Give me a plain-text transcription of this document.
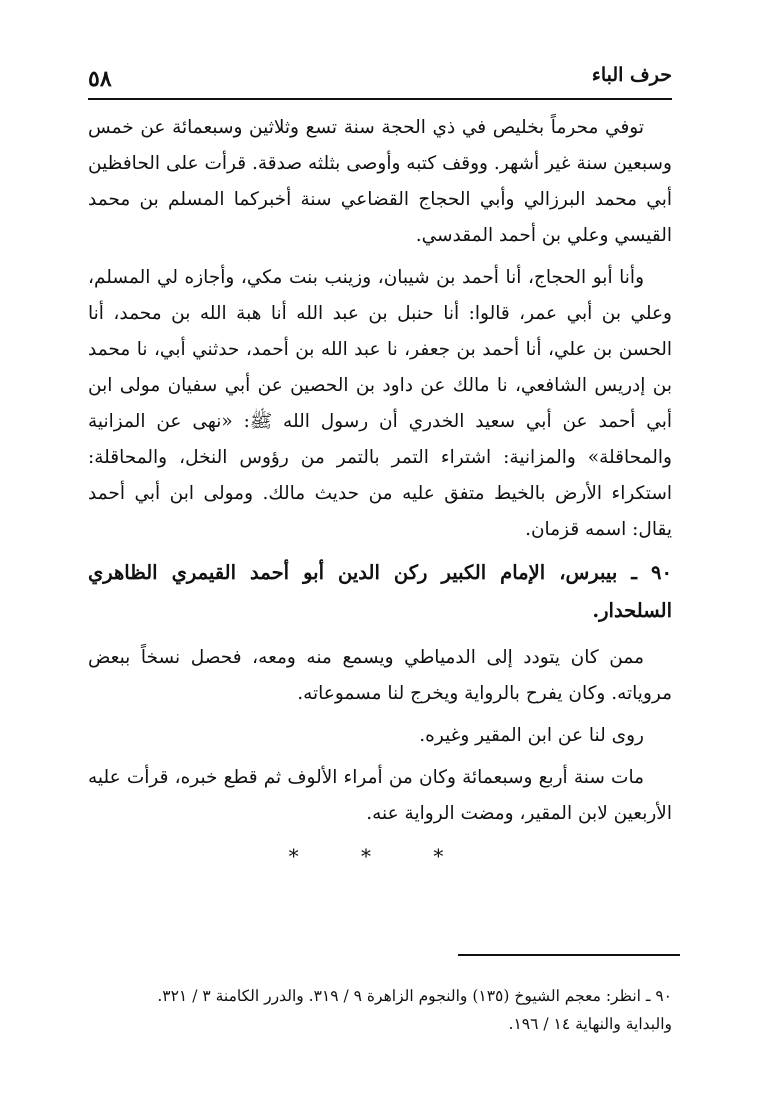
حرف الباء
٥٨

توفي محرماً بخليص في ذي الحجة سنة تسع وثلاثين وسبعمائة عن خمس وسبعين سنة غير أشهر. ووقف كتبه وأوصى بثلثه صدقة. قرأت على الحافظين أبي محمد البرزالي وأبي الحجاج القضاعي سنة أخبركما المسلم بن محمد القيسي وعلي بن أحمد المقدسي.

وأنا أبو الحجاج، أنا أحمد بن شيبان، وزينب بنت مكي، وأجازه لي المسلم، وعلي بن أبي عمر، قالوا: أنا حنبل بن عبد الله أنا هبة الله بن محمد، أنا الحسن بن علي، أنا أحمد بن جعفر، نا عبد الله بن أحمد، حدثني أبي، نا محمد بن إدريس الشافعي، نا مالك عن داود بن الحصين عن أبي سفيان مولى ابن أبي أحمد عن أبي سعيد الخدري أن رسول الله ﷺ: «نهى عن المزانية والمحاقلة» والمزانية: اشتراء التمر بالتمر من رؤوس النخل، والمحاقلة: استكراء الأرض بالخيط متفق عليه من حديث مالك. ومولى ابن أبي أحمد يقال: اسمه قزمان.

٩٠ ـ بيبرس، الإمام الكبير ركن الدين أبو أحمد القيمري الظاهري السلحدار.

ممن كان يتودد إلى الدمياطي ويسمع منه ومعه، فحصل نسخاً ببعض مروياته. وكان يفرح بالرواية ويخرج لنا مسموعاته.

روى لنا عن ابن المقير وغيره.

مات سنة أربع وسبعمائة وكان من أمراء الألوف ثم قطع خبره، قرأت عليه الأربعين لابن المقير، ومضت الرواية عنه.

* * *

٩٠ ـ انظر: معجم الشيوخ (١٣٥) والنجوم الزاهرة ٩ / ٣١٩. والدرر الكامنة ٣ / ٣٢١.

والبداية والنهاية ١٤ / ١٩٦.
